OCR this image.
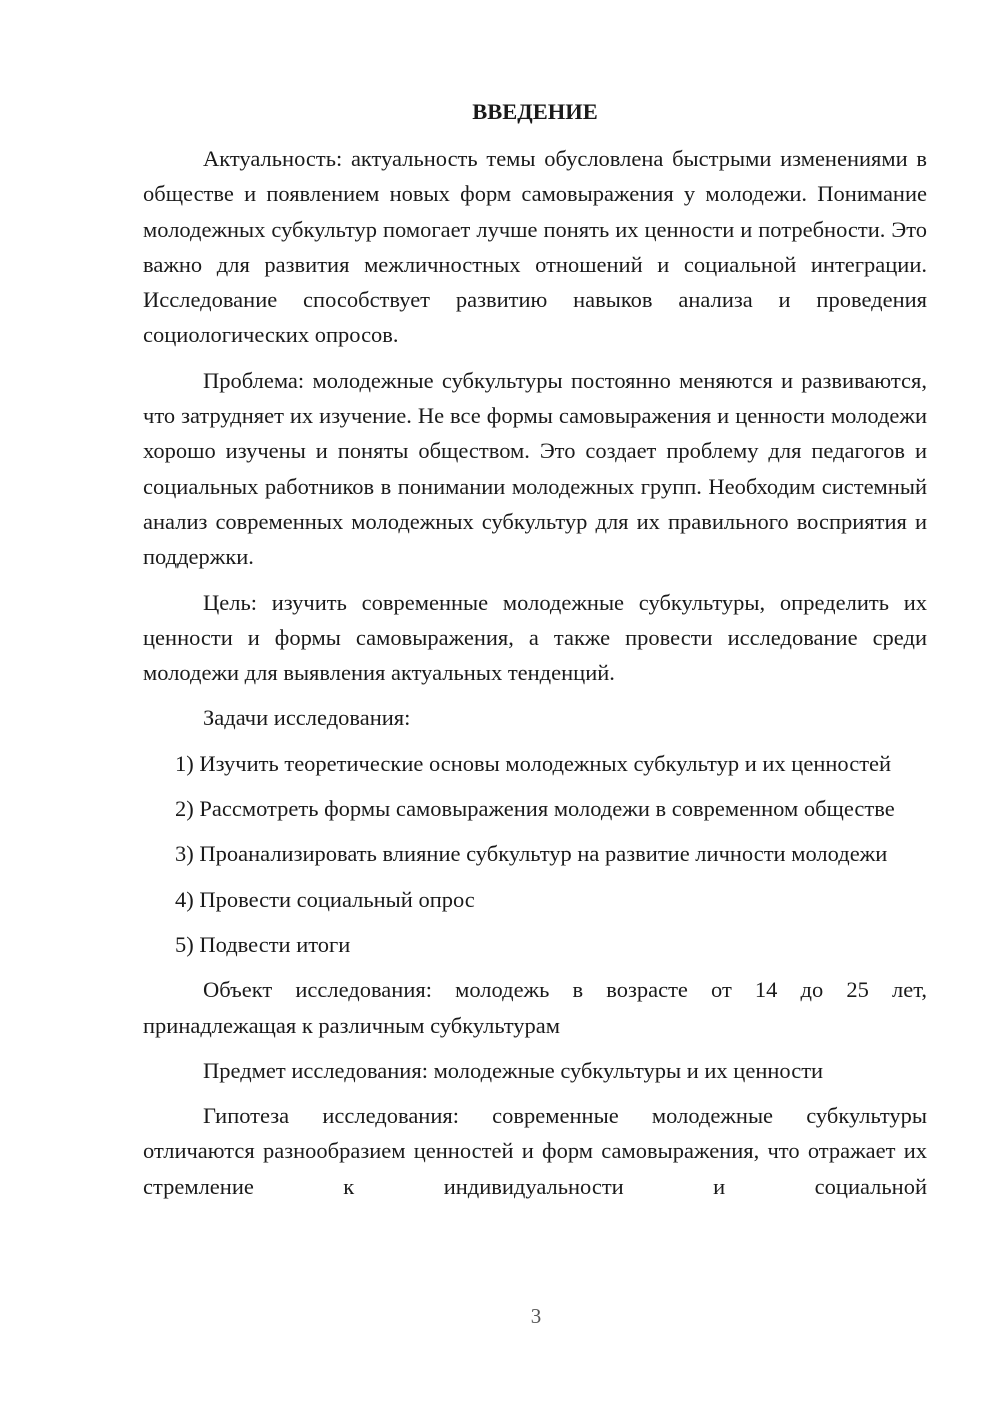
ВВЕДЕНИЕ

Актуальность: актуальность темы обусловлена быстрыми изменениями в обществе и появлением новых форм самовыражения у молодежи. Понимание молодежных субкультур помогает лучше понять их ценности и потребности. Это важно для развития межличностных отношений и социальной интеграции. Исследование способствует развитию навыков анализа и проведения социологических опросов.

Проблема: молодежные субкультуры постоянно меняются и развиваются, что затрудняет их изучение. Не все формы самовыражения и ценности молодежи хорошо изучены и поняты обществом. Это создает проблему для педагогов и социальных работников в понимании молодежных групп. Необходим системный анализ современных молодежных субкультур для их правильного восприятия и поддержки.

Цель: изучить современные молодежные субкультуры, определить их ценности и формы самовыражения, а также провести исследование среди молодежи для выявления актуальных тенденций.

Задачи исследования:

1) Изучить теоретические основы молодежных субкультур и их ценностей

2) Рассмотреть формы самовыражения молодежи в современном обществе

3) Проанализировать влияние субкультур на развитие личности молодежи

4) Провести социальный опрос

5) Подвести итоги

Объект исследования: молодежь в возрасте от 14 до 25 лет, принадлежащая к различным субкультурам

Предмет исследования: молодежные субкультуры и их ценности

Гипотеза исследования: современные молодежные субкультуры отличаются разнообразием ценностей и форм самовыражения, что отражает их стремление к индивидуальности и социальной

3
